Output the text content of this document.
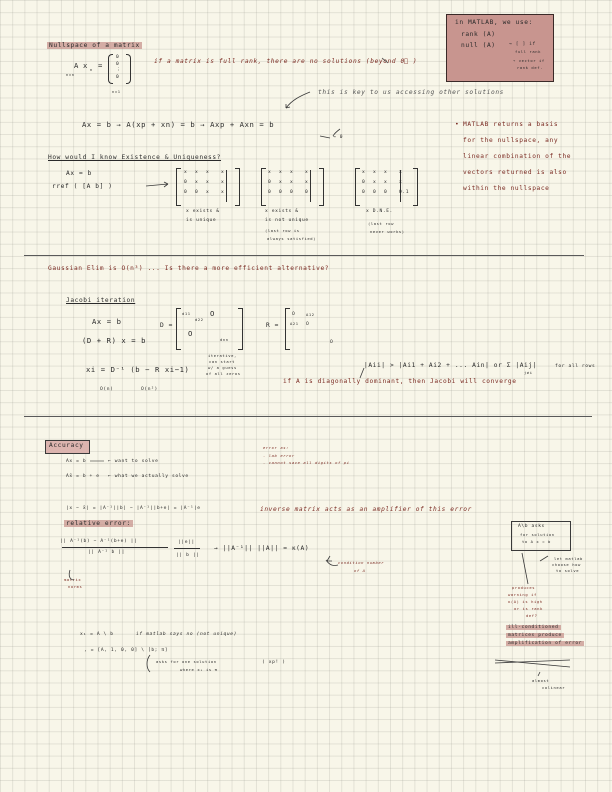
in MATLAB, we use:
rank (A)
null (A)	→ [ ] if
full rank
→ vector if
rank def.
Nullspace of a matrix
A x n =
0
0
⋮
0
n×n
n×1
if a matrix is full rank, there are no solutions (beyond 0⃗ )
this is key to us accessing other solutions
Ax = b → A(xp + xn) = b → Axp + Axn = b
→ 0
MATLAB returns a basis
for the nullspace, any
linear combination of the
vectors returned is also
within the nullspace
•
How would I know Existence & Uniqueness?
Ax = b
rref ( [A b] )
x x x	x
0 x x	x
0 0 x	x
x x x	x
0 x x	x
0 0 0	0
x x x	x
0 x x	x
0 0 0	0.1
x exists &
is unique
x exists &
is not unique
(last row is
always satisfied)
x D.N.E.
(last row
never works)
Gaussian Elim is O(n³) ... Is there a more efficient alternative?
Jacobi iteration
Ax = b
(D + R) x = b
D =
d11
d22
dnn
O
O
R =
O	A12
A21 O
O
xi = D⁻¹ (b − R xi−1)
O(n)	O(n²)
iterative,
can start
w/ a guess
of all zeros
|Aii| > |Ai1 + Ai2 + ... Ain| or Σ |Aij|
j≠i
for all rows
if A is diagonally dominant, then Jacobi will converge
Accuracy
Ax = b	← want to solve
Ax̂ = b + e ← what we actually solve
error as:
- lab error
- cannot save all digits of pi
|x − x̂| = |A⁻¹||b| − |A⁻¹||b+e| = |A⁻¹|e	inverse matrix acts as an amplifier of this error
relative error:
|| A⁻¹(b) − A⁻¹(b+e) ||
|| A⁻¹ b ||
||e||
|| b ||
→ ||A⁻¹|| ||A|| = κ(A)
condition number
of A
matrix
norms
A\b asks
for solution
to A x = b
let matlab
choose how
to solve
produces
warning if
κ(A) is high
or is rank
def?
ill-conditioned
matrices produce
amplification of error
almost
colinear
x₁ = A \ b	if matlab says no (not unique)
, = [A, 1, 0, 0] \ [b; π]
asks for one solution
where x₁ is π
( xp! )
